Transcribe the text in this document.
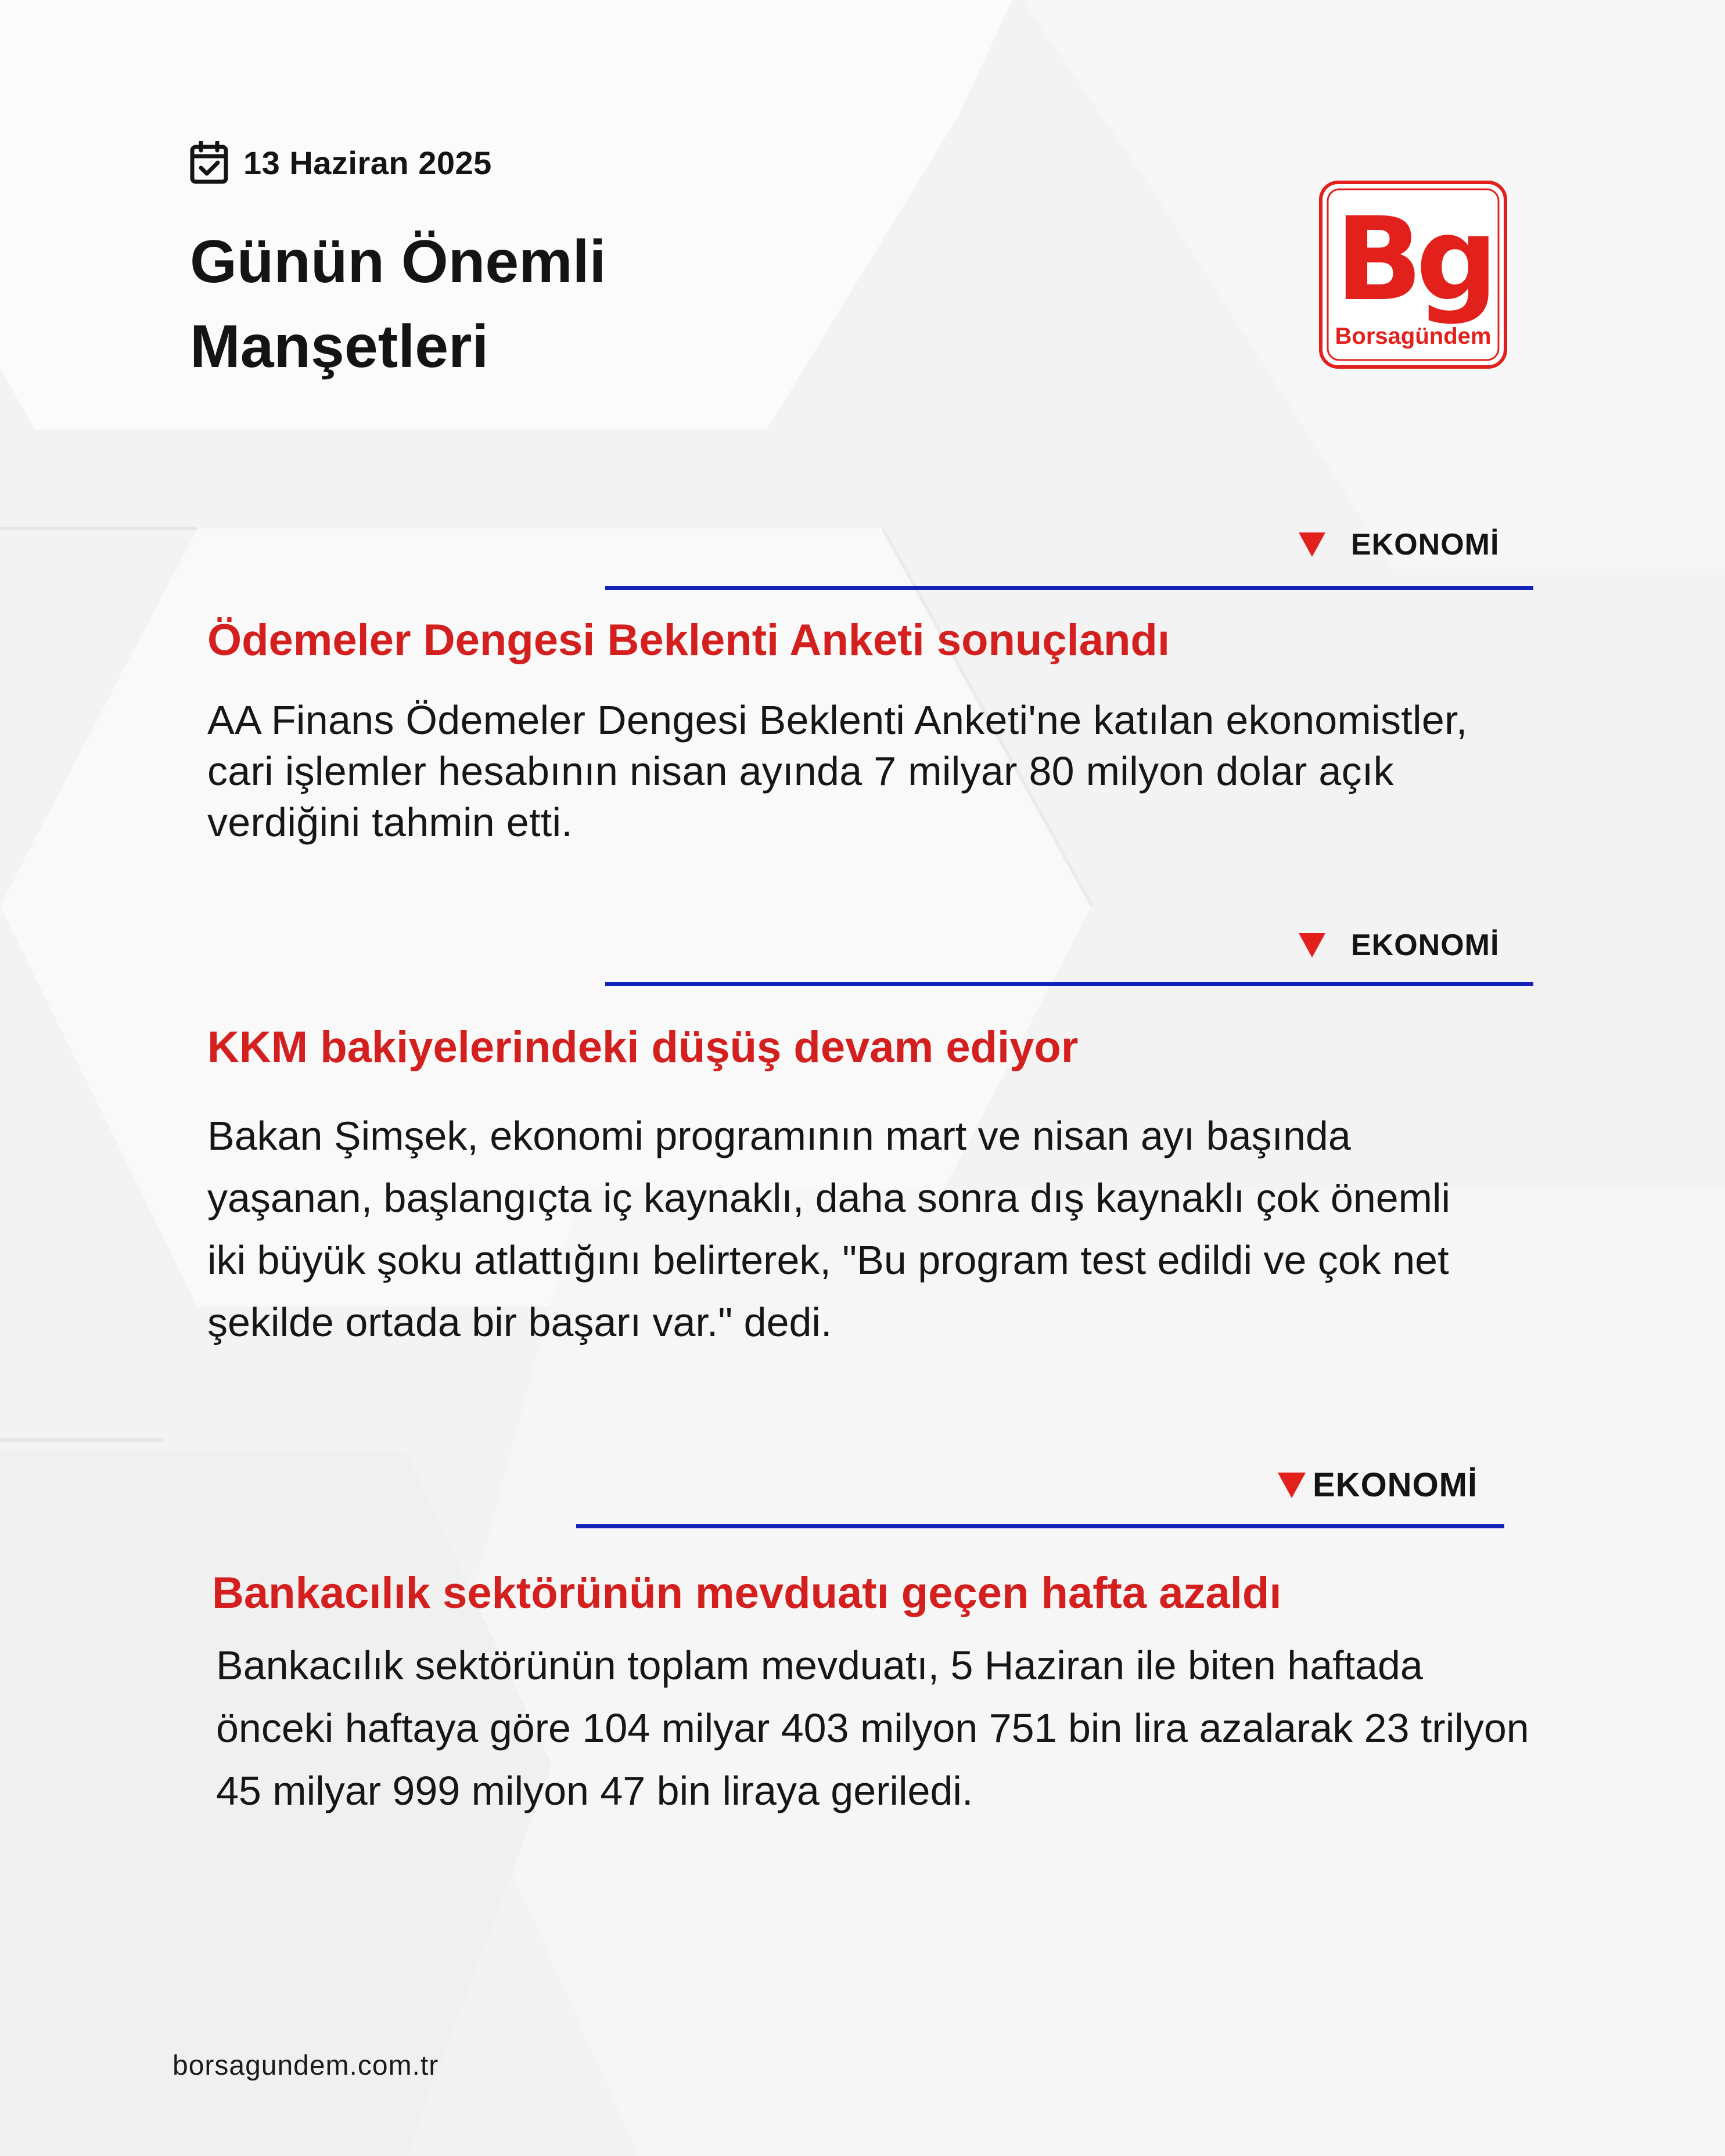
13 Haziran 2025
Günün Önemli
Manşetleri
Bg
Borsagündem
EKONOMİ
Ödemeler Dengesi Beklenti Anketi sonuçlandı

AA Finans Ödemeler Dengesi Beklenti Anketi'ne katılan ekonomistler, cari işlemler hesabının nisan ayında 7 milyar 80 milyon dolar açık verdiğini tahmin etti.

EKONOMİ
KKM bakiyelerindeki düşüş devam ediyor

Bakan Şimşek, ekonomi programının mart ve nisan ayı başında yaşanan, başlangıçta iç kaynaklı, daha sonra dış kaynaklı çok önemli iki büyük şoku atlattığını belirterek, "Bu program test edildi ve çok net şekilde ortada bir başarı var." dedi.

EKONOMİ
Bankacılık sektörünün mevduatı geçen hafta azaldı

Bankacılık sektörünün toplam mevduatı, 5 Haziran ile biten haftada önceki haftaya göre 104 milyar 403 milyon 751 bin lira azalarak 23 trilyon 45 milyar 999 milyon 47 bin liraya geriledi.

borsagundem.com.tr
